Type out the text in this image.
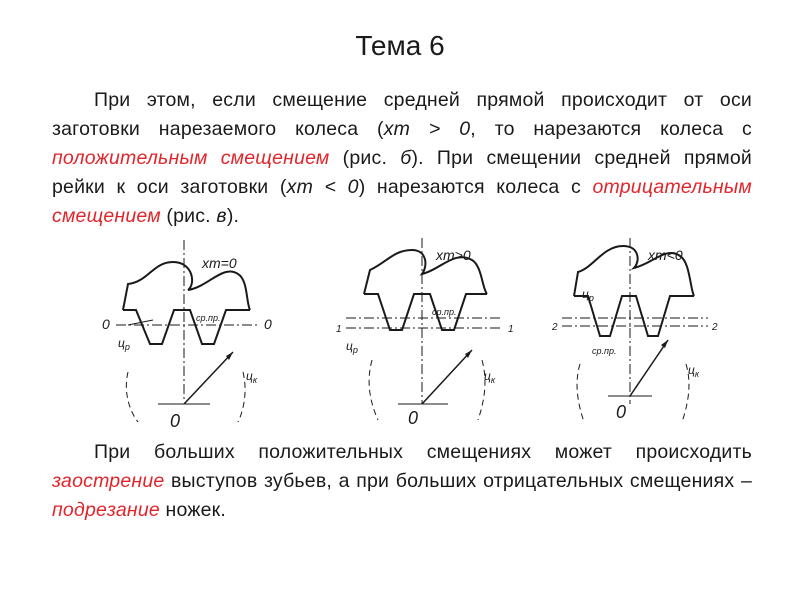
Тема 6
При этом, если смещение средней прямой происходит от оси заготовки нарезаемого колеса (xm > 0, то нарезаются колеса с положительным смещением (рис. б). При смещении средней прямой рейки к оси заготовки (xm < 0) нарезаются колеса с отрицательным смещением (рис. в).
xm=0
0	0
ср.пр.
$ц_р$
$ц_к$
0
xm>0
1	1
ср.пр.
$ц_р$
$ц_к$
0
xm<0
2	2
ср.пр.
$ц_р$
$ц_к$
0
При больших положительных смещениях может происходить заострение выступов зубьев, а при больших отрицательных смещениях – подрезание ножек.
